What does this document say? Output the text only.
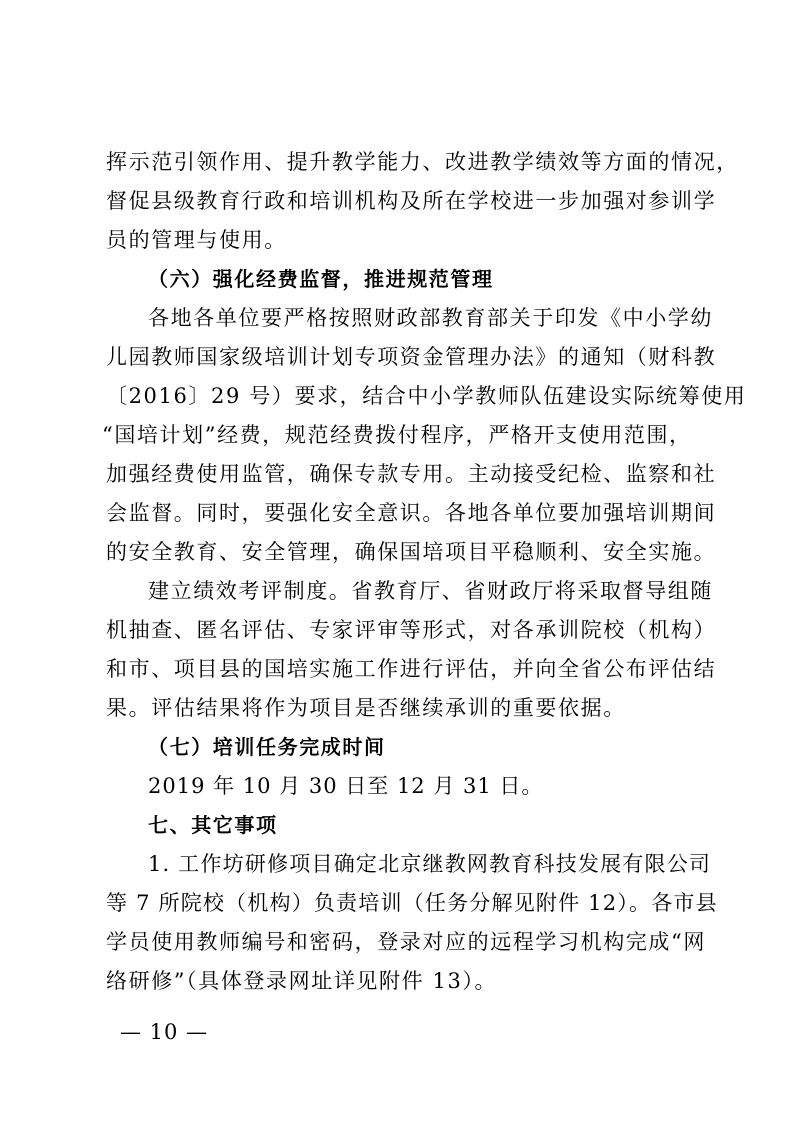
挥示范引领作用、提升教学能力、改进教学绩效等方面的情况，
督促县级教育行政和培训机构及所在学校进一步加强对参训学
员的管理与使用。
（六）强化经费监督，推进规范管理
各地各单位要严格按照财政部教育部关于印发《中小学幼
儿园教师国家级培训计划专项资金管理办法》的通知（财科教
〔2016〕29 号）要求，结合中小学教师队伍建设实际统筹使用
“国培计划”经费，规范经费拨付程序，严格开支使用范围，
加强经费使用监管，确保专款专用。主动接受纪检、监察和社
会监督。同时，要强化安全意识。各地各单位要加强培训期间
的安全教育、安全管理，确保国培项目平稳顺利、安全实施。
建立绩效考评制度。省教育厅、省财政厅将采取督导组随
机抽查、匿名评估、专家评审等形式，对各承训院校（机构）
和市、项目县的国培实施工作进行评估，并向全省公布评估结
果。评估结果将作为项目是否继续承训的重要依据。
（七）培训任务完成时间
2019 年 10 月 30 日至 12 月 31 日。
七、其它事项
1. 工作坊研修项目确定北京继教网教育科技发展有限公司
等 7 所院校（机构）负责培训（任务分解见附件 12）。各市县
学员使用教师编号和密码，登录对应的远程学习机构完成“网
络研修”（具体登录网址详见附件 13）。
— 10 —
